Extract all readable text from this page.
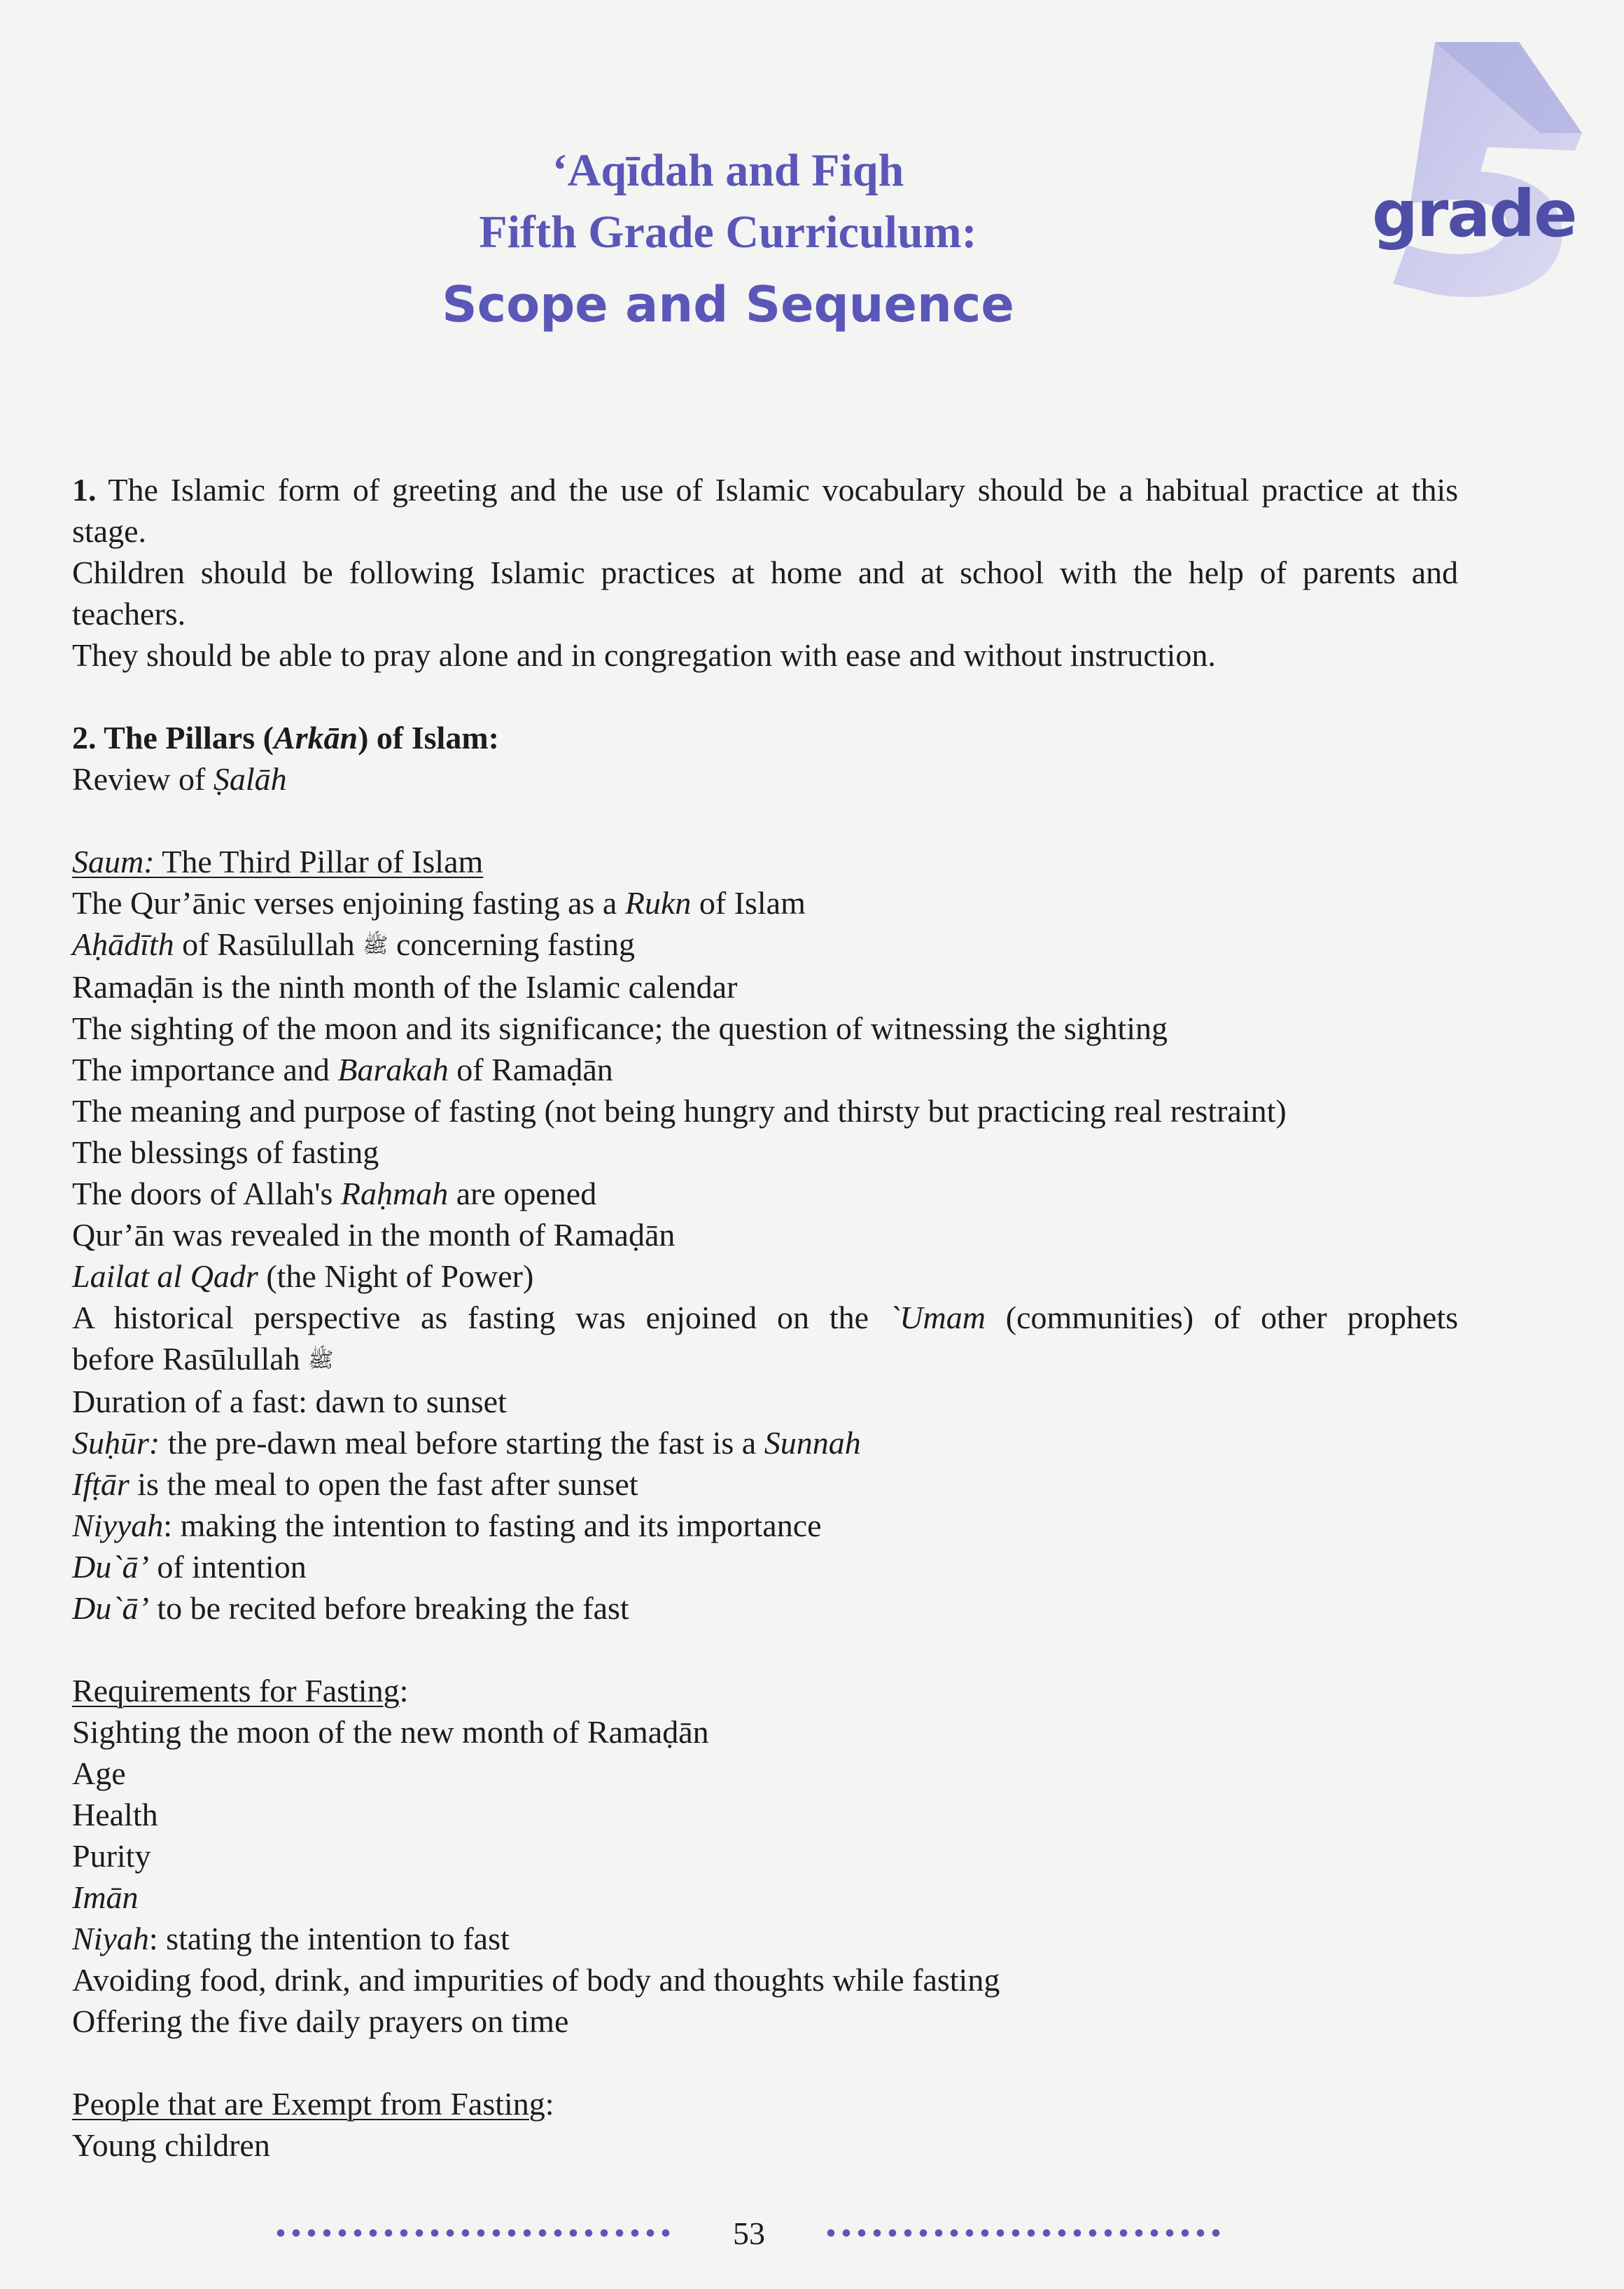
grade
‘Aqīdah and Fiqh
Fifth Grade Curriculum:
Scope and Sequence
1. The Islamic form of greeting and the use of Islamic vocabulary should be a habitual practice at this
stage.
Children should be following Islamic practices at home and at school with the help of parents and
teachers.
They should be able to pray alone and in congregation with ease and without instruction.
2. The Pillars (Arkān) of Islam:
Review of Ṣalāh
Saum: The Third Pillar of Islam
The Qur’ānic verses enjoining fasting as a Rukn of Islam
Aḥādīth of Rasūlullah ﷺ concerning fasting
Ramaḍān is the ninth month of the Islamic calendar
The sighting of the moon and its significance; the question of witnessing the sighting
The importance and Barakah of Ramaḍān
The meaning and purpose of fasting (not being hungry and thirsty but practicing real restraint)
The blessings of fasting
The doors of Allah's Raḥmah are opened
Qur’ān was revealed in the month of Ramaḍān
Lailat al Qadr (the Night of Power)
A historical perspective as fasting was enjoined on the `Umam (communities) of other prophets
before Rasūlullah ﷺ
Duration of a fast: dawn to sunset
Suḥūr: the pre-dawn meal before starting the fast is a Sunnah
Ifṭār is the meal to open the fast after sunset
Niyyah: making the intention to fasting and its importance
Du`ā’ of intention
Du`ā’ to be recited before breaking the fast
Requirements for Fasting:
Sighting the moon of the new month of Ramaḍān
Age
Health
Purity
Imān
Niyah: stating the intention to fast
Avoiding food, drink, and impurities of body and thoughts while fasting
Offering the five daily prayers on time
People that are Exempt from Fasting:
Young children
53
